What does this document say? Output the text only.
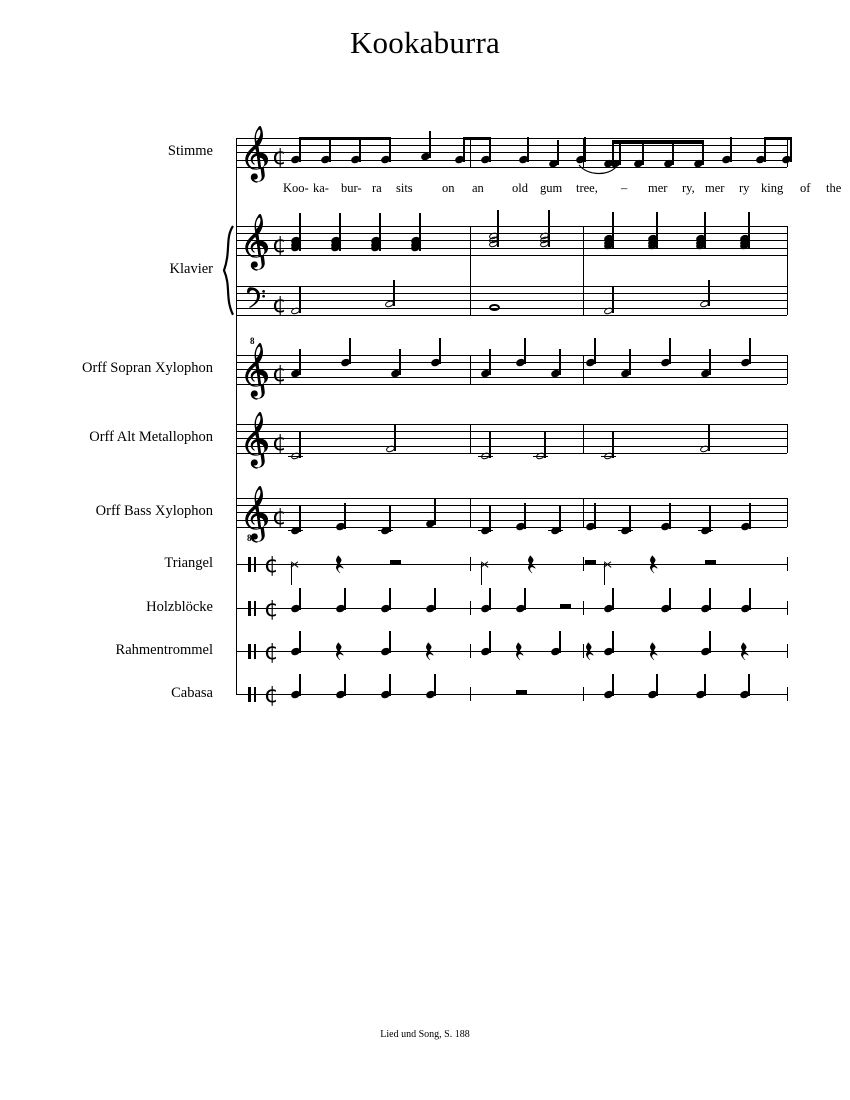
Kookaburra
Lied und Song, S. 188
Stimme
Klavier
Orff Sopran Xylophon
Orff Alt Metallophon
Orff Bass Xylophon
Triangel
Holzblöcke
Rahmentrommel
Cabasa
¢
¢
¢
8
¢
¢
8
¢
¢
¢
¢
¢
Koo- ka- bur- ra sits on an old gum tree, – mer ry, mer ry king of the
